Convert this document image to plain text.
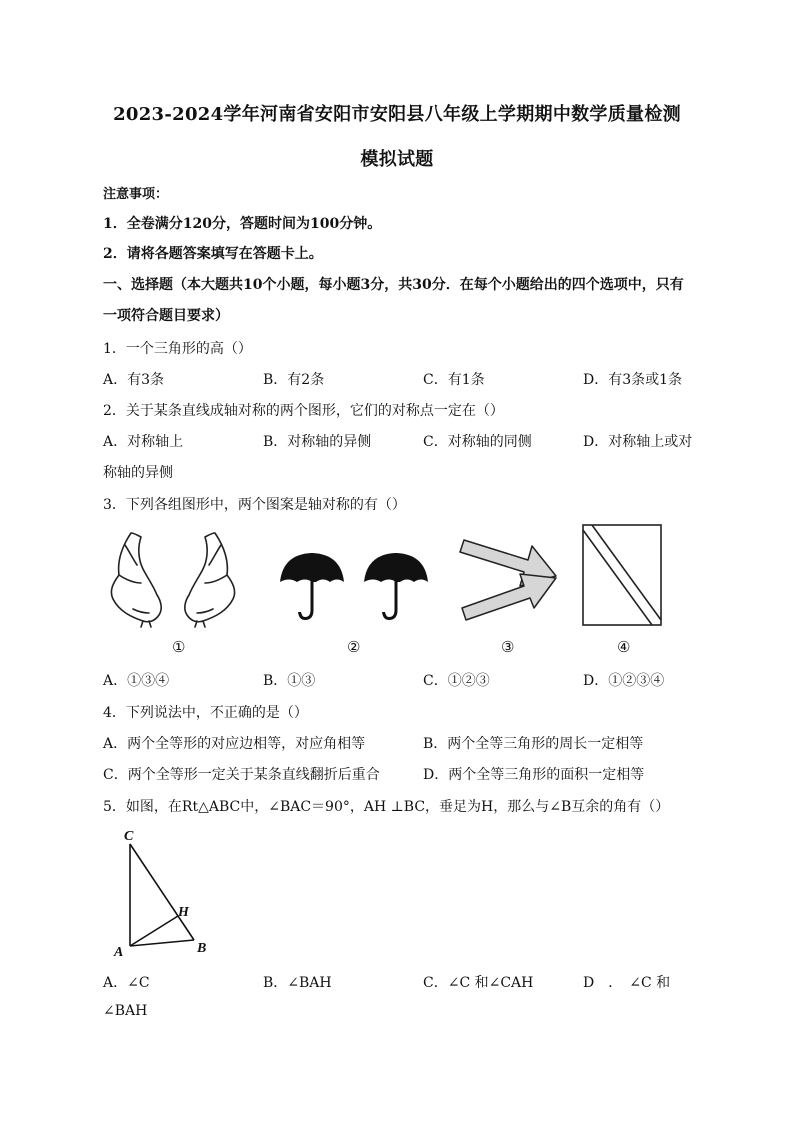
2023-2024学年河南省安阳市安阳县八年级上学期期中数学质量检测
模拟试题
注意事项：
1．全卷满分120分，答题时间为100分钟。
2．请将各题答案填写在答题卡上。
一、选择题（本大题共10个小题，每小题3分，共30分．在每个小题给出的四个选项中，只有
一项符合题目要求）
1．一个三角形的高（）
A．有3条	B．有2条	C．有1条	D．有3条或1条
2．关于某条直线成轴对称的两个图形，它们的对称点一定在（）
A．对称轴上	B．对称轴的异侧	C．对称轴的同侧	D．对称轴上或对
称轴的异侧
3．下列各组图形中，两个图案是轴对称的有（）
①	②	③	④
A．①③④	B．①③	C．①②③	D．①②③④
4．下列说法中，不正确的是（）
A．两个全等形的对应边相等，对应角相等	B．两个全等三角形的周长一定相等
C．两个全等形一定关于某条直线翻折后重合	D．两个全等三角形的面积一定相等
5．如图，在Rt△ABC中，∠BAC＝90°，AH ⊥BC，垂足为H，那么与∠B互余的角有（）
C
H
A	B
A．∠C	B．∠BAH	C．∠C 和∠CAH	D　．　∠C 和
∠BAH
